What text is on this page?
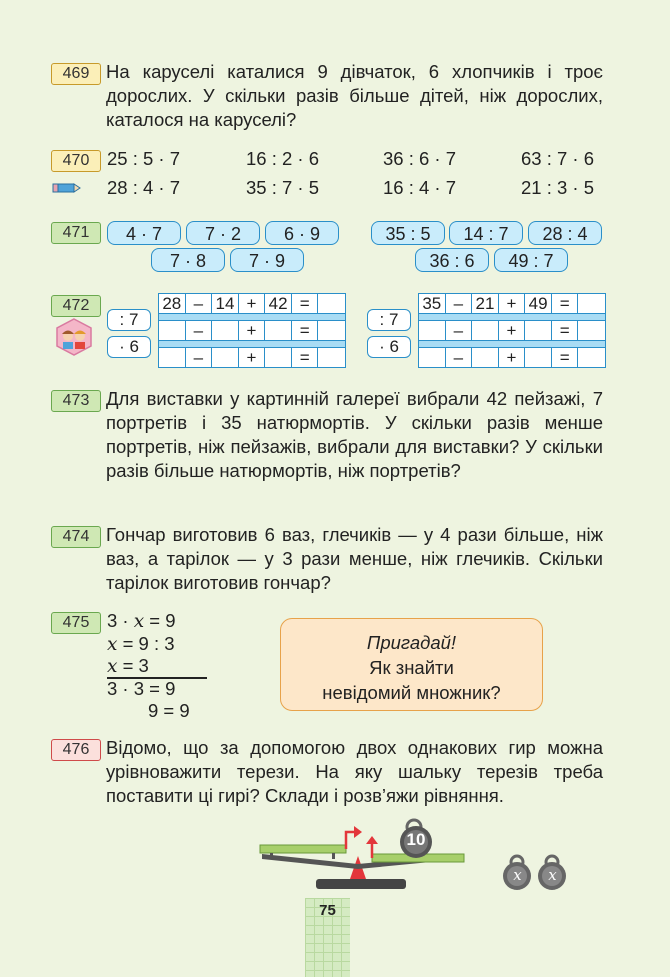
469 На каруселі каталися 9 дівчаток, 6 хлопчиків і троє дорослих. У скільки разів більше дітей, ніж дорослих, каталося на каруселі?
470 25 : 5 · 7	16 : 2 · 6	36 : 6 · 7	63 : 7 · 6
28 : 4 · 7	35 : 7 · 5	16 : 4 · 7	21 : 3 · 5
471	4 · 7	7 · 2	6 · 9
7 · 8	7 · 9
35 : 5	14 : 7	28 : 4
36 : 6	49 : 7
472
: 7
· 6
28 – 14 + 42 =
–	+	=
–	+	=
: 7
· 6
35 – 21 + 49 =
–	+	=
–	+	=
473 Для виставки у картинній галереї вибрали 42 пейзажі, 7 портретів і 35 натюрмортів. У скільки разів менше портретів, ніж пейзажів, вибрали для виставки? У скільки разів більше натюрмортів, ніж портретів?
474 Гончар виготовив 6 ваз, глечиків — у 4 рази більше, ніж ваз, а тарілок — у 3 рази менше, ніж глечиків. Скільки тарілок виготовив гончар?
475 3 · x = 9
x = 9 : 3
x = 3
3 · 3 = 9
9 = 9
Пригадай!
Як знайти
невідомий множник?
476 Відомо, що за допомогою двох однакових гир можна урівноважити терези. На яку шальку терезів треба поставити ці гирі? Склади і розв’яжи рівняння.
10
x x
75
